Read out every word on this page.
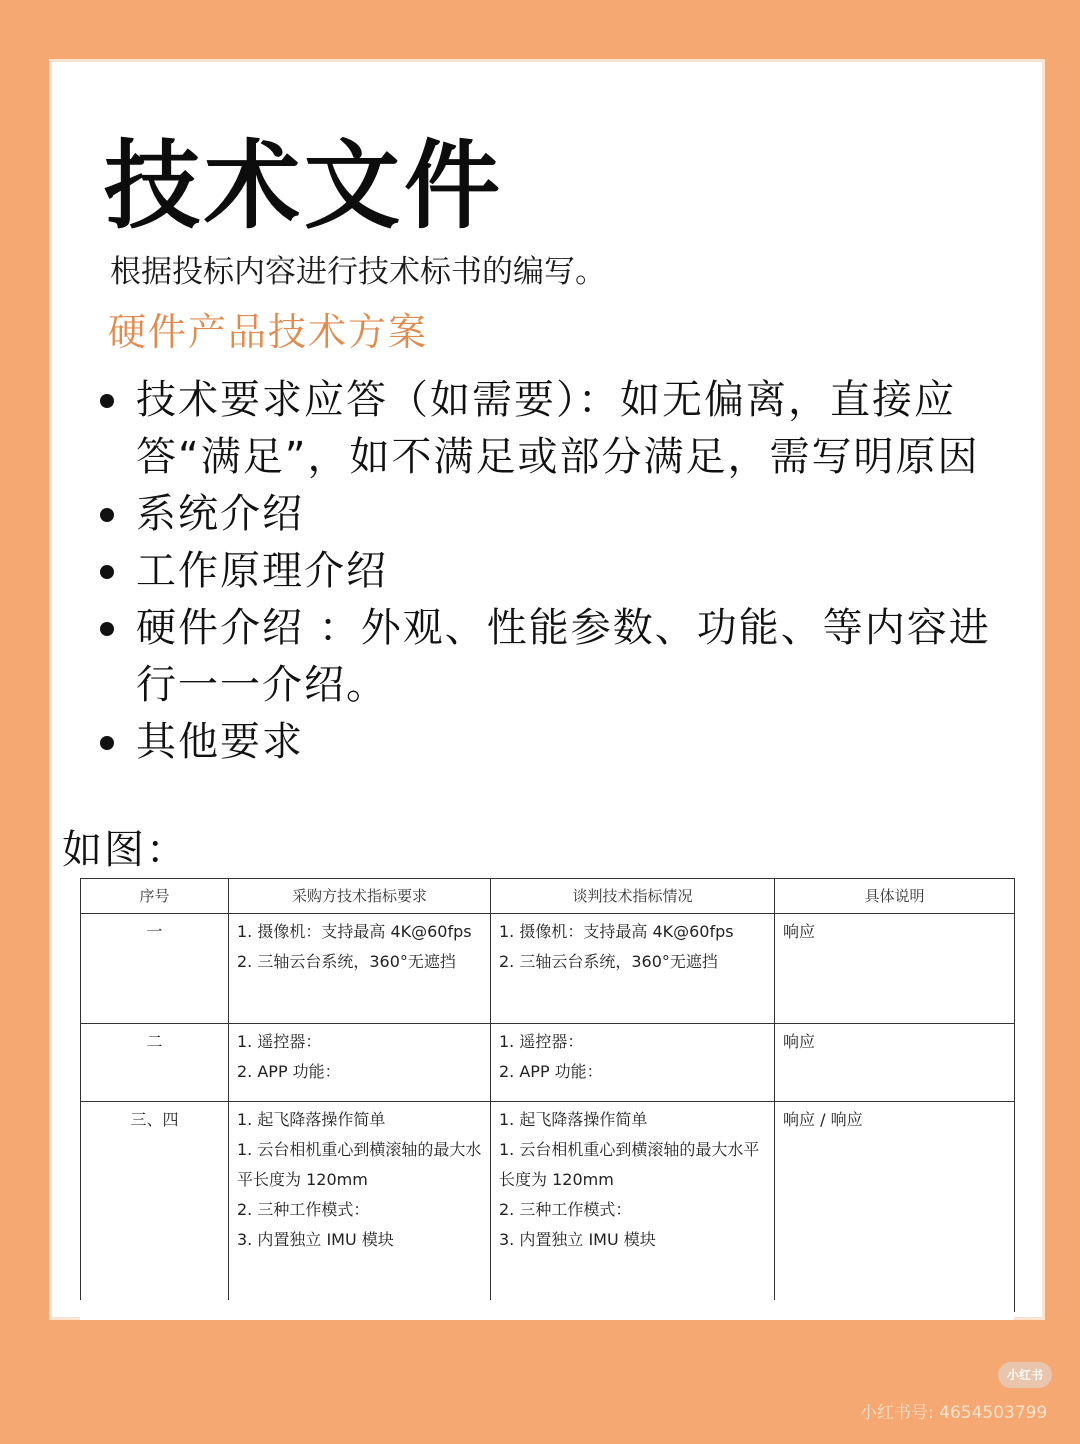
技术文件
根据投标内容进行技术标书的编写。
硬件产品技术方案
技术要求应答（如需要）：如无偏离，直接应答“满足”，如不满足或部分满足，需写明原因
系统介绍
工作原理介绍
硬件介绍 ：外观、性能参数、功能、等内容进行一一介绍。
其他要求
如图：
序号	采购方技术指标要求	谈判技术指标情况	具体说明
一	1. 摄像机：支持最高 4K@60fps
2. 三轴云台系统，360°无遮挡	1. 摄像机：支持最高 4K@60fps
2. 三轴云台系统，360°无遮挡	响应
二	1. 遥控器：
2. APP 功能：	1. 遥控器：
2. APP 功能：	响应
三、四	1. 起飞降落操作简单
1. 云台相机重心到横滚轴的最大水平长度为 120mm
2. 三种工作模式：
3. 内置独立 IMU 模块	1. 起飞降落操作简单
1. 云台相机重心到横滚轴的最大水平长度为 120mm
2. 三种工作模式：
3. 内置独立 IMU 模块	响应 / 响应
小红书
小红书号: 4654503799
